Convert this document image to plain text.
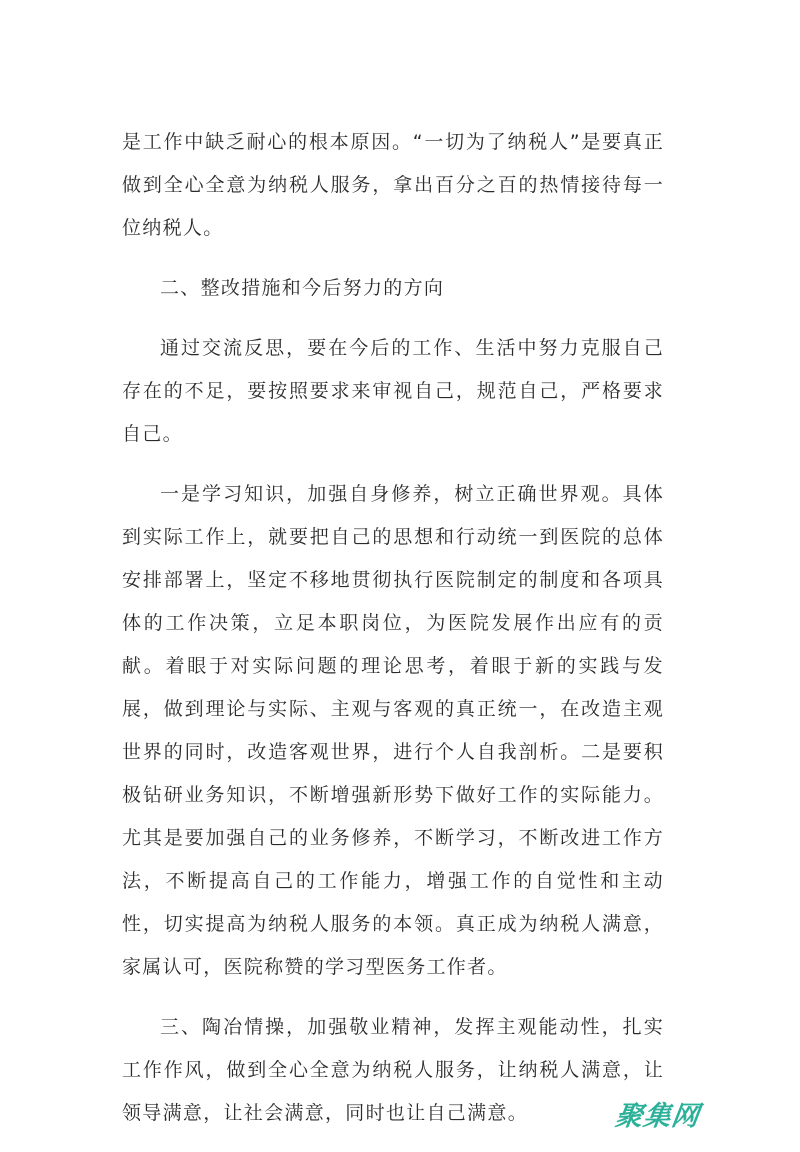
是工作中缺乏耐心的根本原因。“一切为了纳税人”是要真正做到全心全意为纳税人服务，拿出百分之百的热情接待每一位纳税人。

二、整改措施和今后努力的方向

通过交流反思，要在今后的工作、生活中努力克服自己存在的不足，要按照要求来审视自己，规范自己，严格要求自己。

一是学习知识，加强自身修养，树立正确世界观。具体到实际工作上，就要把自己的思想和行动统一到医院的总体安排部署上，坚定不移地贯彻执行医院制定的制度和各项具体的工作决策，立足本职岗位，为医院发展作出应有的贡献。着眼于对实际问题的理论思考，着眼于新的实践与发展，做到理论与实际、主观与客观的真正统一，在改造主观世界的同时，改造客观世界，进行个人自我剖析。二是要积极钻研业务知识，不断增强新形势下做好工作的实际能力。尤其是要加强自己的业务修养，不断学习，不断改进工作方法，不断提高自己的工作能力，增强工作的自觉性和主动性，切实提高为纳税人服务的本领。真正成为纳税人满意，家属认可，医院称赞的学习型医务工作者。

三、陶冶情操，加强敬业精神，发挥主观能动性，扎实工作作风，做到全心全意为纳税人服务，让纳税人满意，让领导满意，让社会满意，同时也让自己满意。	聚集网
